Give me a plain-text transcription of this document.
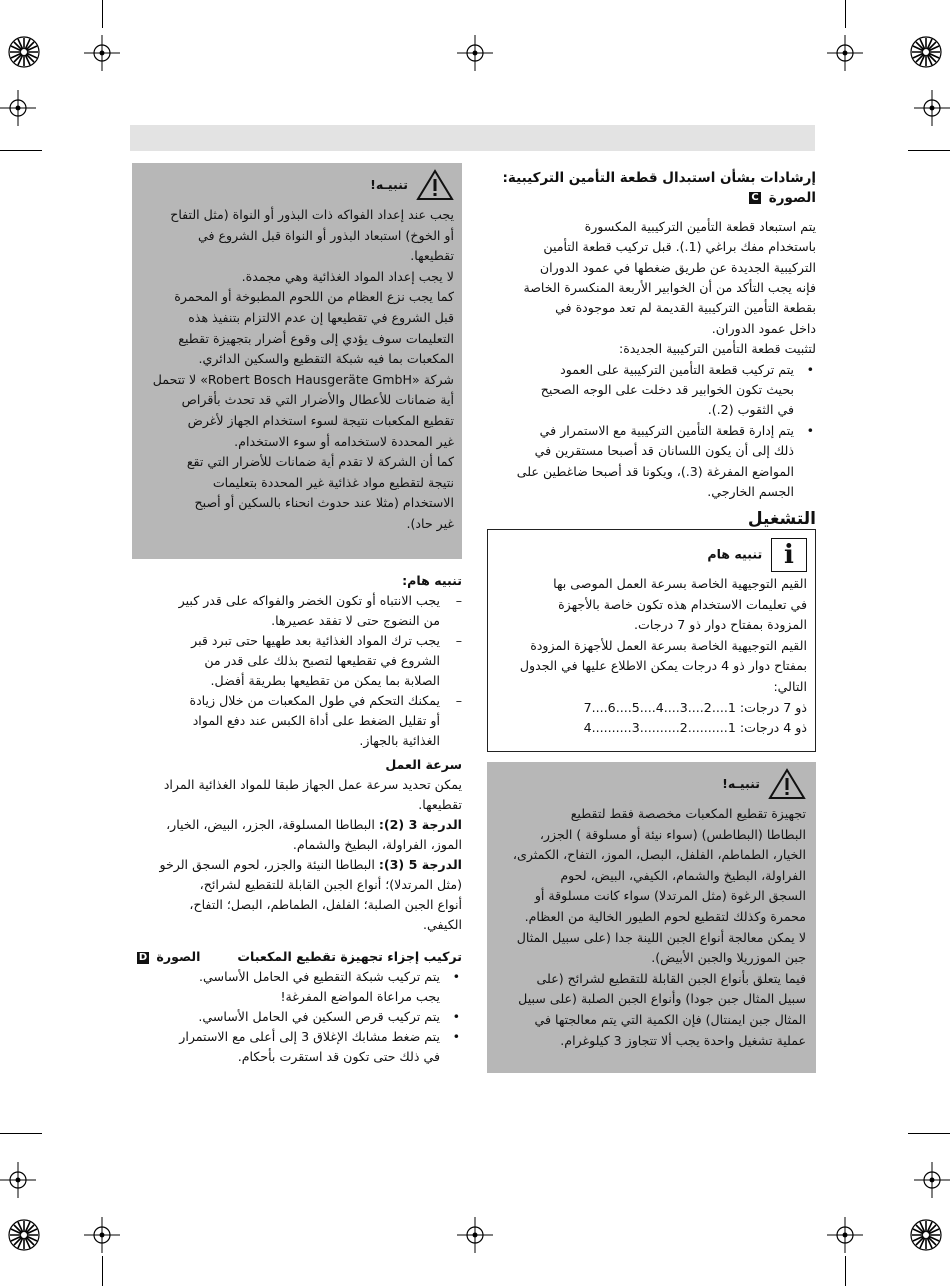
إرشادات بشأن استبدال قطعة التأمين التركيبية:

الصورة C

يتم استبعاد قطعة التأمين التركيبية المكسورة

باستخدام مفك براغي (1.). قبل تركيب قطعة التأمين

التركيبية الجديدة عن طريق ضغطها في عمود الدوران

فإنه يجب التأكد من أن الخوابير الأربعة المنكسرة الخاصة

بقطعة التأمين التركيبية القديمة لم تعد موجودة في

داخل عمود الدوران.

لتثبيت قطعة التأمين التركيبية الجديدة:

• يتم تركيب قطعة التأمين التركيبية على العمود

بحيث تكون الخوابير قد دخلت على الوجه الصحيح

في الثقوب (2.).

• يتم إدارة قطعة التأمين التركيبية مع الاستمرار في

ذلك إلى أن يكون اللسانان قد أصبحا مستقرين في

المواضع المفرغة (3.)، ويكونا قد أصبحا ضاغطين على

الجسم الخارجي.

التشغيل

i  تنبيه هام

القيم التوجيهية الخاصة بسرعة العمل الموصى بها

في تعليمات الاستخدام هذه تكون خاصة بالأجهزة

المزودة بمفتاح دوار ذو 7 درجات.

القيم التوجيهية الخاصة بسرعة العمل للأجهزة المزودة

بمفتاح دوار ذو 4 درجات يمكن الاطلاع عليها في الجدول

التالي:

ذو 7 درجات: 1....2....3....4....5....6....7

ذو 4 درجات: 1..........2..........3..........4

تنبيـه!

تجهيزة تقطيع المكعبات مخصصة فقط لتقطيع

البطاطا (البطاطس) (سواء نيئة أو مسلوقة ) الجزر،

الخيار، الطماطم، الفلفل، البصل، الموز، التفاح، الكمثرى،

الفراولة، البطيخ والشمام، الكيفي، البيض، لحوم

السجق الرغوة (مثل المرتدلا) سواء كانت مسلوقة أو

محمرة وكذلك لتقطيع لحوم الطيور الخالية من العظام.

لا يمكن معالجة أنواع الجبن اللينة جدا (على سبيل المثال

جبن الموزريلا والجبن الأبيض).

فيما يتعلق بأنواع الجبن القابلة للتقطيع لشرائح (على

سبيل المثال جبن جودا) وأنواع الجبن الصلبة (على سبيل

المثال جبن ايمنتال) فإن الكمية التي يتم معالجتها في

عملية تشغيل واحدة يجب ألا تتجاوز 3 كيلوغرام.

تنبيـه!

يجب عند إعداد الفواكه ذات البذور أو النواة (مثل التفاح

أو الخوخ) استبعاد البذور أو النواة قبل الشروع في

تقطيعها.

لا يجب إعداد المواد الغذائية وهي مجمدة.

كما يجب نزع العظام من اللحوم المطبوخة أو المحمرة

قبل الشروع في تقطيعها إن عدم الالتزام بتنفيذ هذه

التعليمات سوف يؤدي إلى وقوع أضرار بتجهيزة تقطيع

المكعبات بما فيه شبكة التقطيع والسكين الدائري.

شركة «Robert Bosch Hausgeräte GmbH» لا تتحمل

أية ضمانات للأعطال والأضرار التي قد تحدث بأقراص

تقطيع المكعبات نتيجة لسوء استخدام الجهاز لأغرض

غير المحددة لاستخدامه أو سوء الاستخدام.

كما أن الشركة لا تقدم أية ضمانات للأضرار التي تقع

نتيجة لتقطيع مواد غذائية غير المحددة بتعليمات

الاستخدام (مثلا عند حدوث انحناء بالسكين أو أصبح

غير حاد).

تنبيه هام:

– يجب الانتباه أو تكون الخضر والفواكه على قدر كبير

من النضوج حتى لا تفقد عصيرها.

– يجب ترك المواد الغذائية بعد طهيها حتى تبرد قبر

الشروع في تقطيعها لتصبح بذلك على قدر من

الصلابة بما يمكن من تقطيعها بطريقة أفضل.

– يمكنك التحكم في طول المكعبات من خلال زيادة

أو تقليل الضغط على أداة الكبس عند دفع المواد

الغذائية بالجهاز.

سرعة العمل

يمكن تحديد سرعة عمل الجهاز طبقا للمواد الغذائية المراد

تقطيعها.

الدرجة 3 (2): البطاطا المسلوقة، الجزر، البيض، الخيار،

الموز، الفراولة، البطيخ والشمام.

الدرجة 5 (3): البطاطا النيئة والجزر، لحوم السجق الرخو

(مثل المرتدلا)؛ أنواع الجبن القابلة للتقطيع لشرائح،

أنواع الجبن الصلبة؛ الفلفل، الطماطم، البصل؛ التفاح،

الكيفي.

تركيب إجزاء تجهيزة تقطيع المكعبات
الصورة D

• يتم تركيب شبكة التقطيع في الحامل الأساسي.

يجب مراعاة المواضع المفرغة!

• يتم تركيب قرص السكين في الحامل الأساسي.

• يتم ضغط مشابك الإغلاق 3 إلى أعلى مع الاستمرار

في ذلك حتى تكون قد استقرت بأحكام.
